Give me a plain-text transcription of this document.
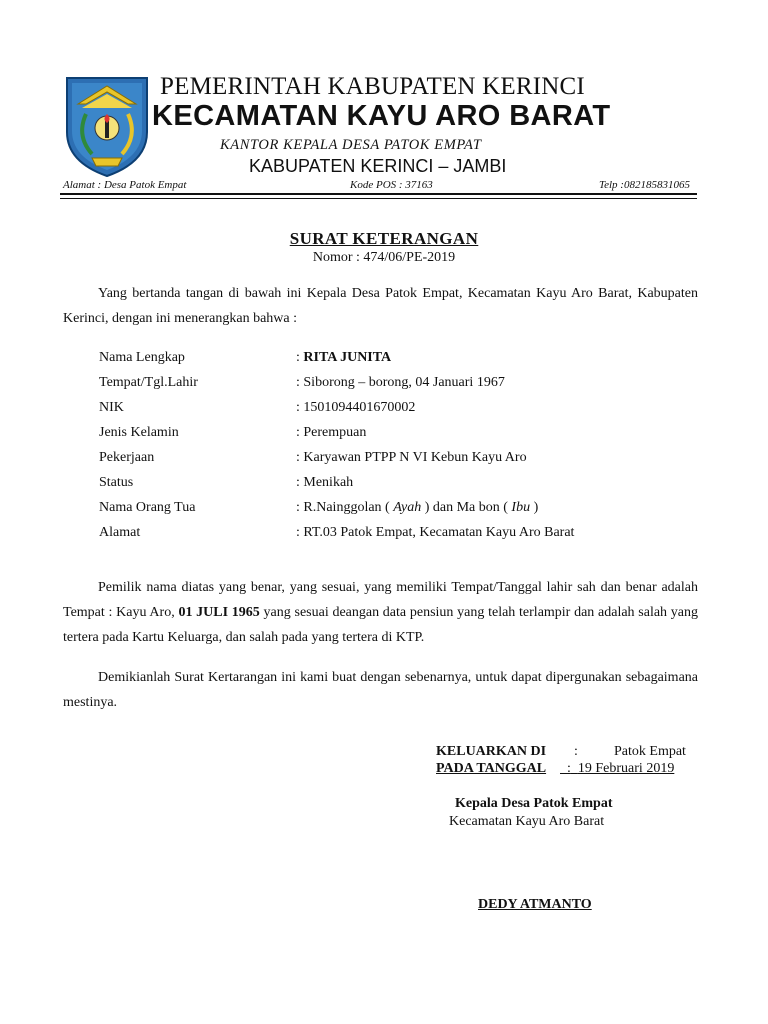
PEMERINTAH KABUPATEN KERINCI
KECAMATAN KAYU ARO BARAT
KANTOR KEPALA DESA PATOK EMPAT
KABUPATEN KERINCI – JAMBI
Alamat : Desa Patok Empat	Kode POS : 37163	Telp :082185831065
SURAT KETERANGAN
Nomor : 474/06/PE-2019
Yang bertanda tangan di bawah ini Kepala Desa Patok Empat, Kecamatan Kayu Aro Barat, Kabupaten Kerinci, dengan ini menerangkan bahwa :
Nama Lengkap	: RITA JUNITA
Tempat/Tgl.Lahir	: Siborong – borong, 04 Januari 1967
NIK	: 1501094401670002
Jenis Kelamin	: Perempuan
Pekerjaan	: Karyawan PTPP N VI Kebun Kayu Aro
Status	: Menikah
Nama Orang Tua	: R.Nainggolan ( Ayah ) dan Ma bon ( Ibu )
Alamat	: RT.03 Patok Empat, Kecamatan Kayu Aro Barat
Pemilik nama diatas yang benar, yang sesuai, yang memiliki Tempat/Tanggal lahir sah dan benar adalah Tempat : Kayu Aro, 01 JULI 1965 yang sesuai deangan data pensiun yang telah terlampir dan adalah salah yang tertera pada Kartu Keluarga, dan salah pada yang tertera di KTP.
Demikianlah Surat Kertarangan ini kami buat dengan sebenarnya, untuk dapat dipergunakan sebagaimana mestinya.
KELUARKAN DI :	Patok Empat
PADA TANGGAL	: 19 Februari 2019
Kepala Desa Patok Empat
Kecamatan Kayu Aro Barat
DEDY ATMANTO
